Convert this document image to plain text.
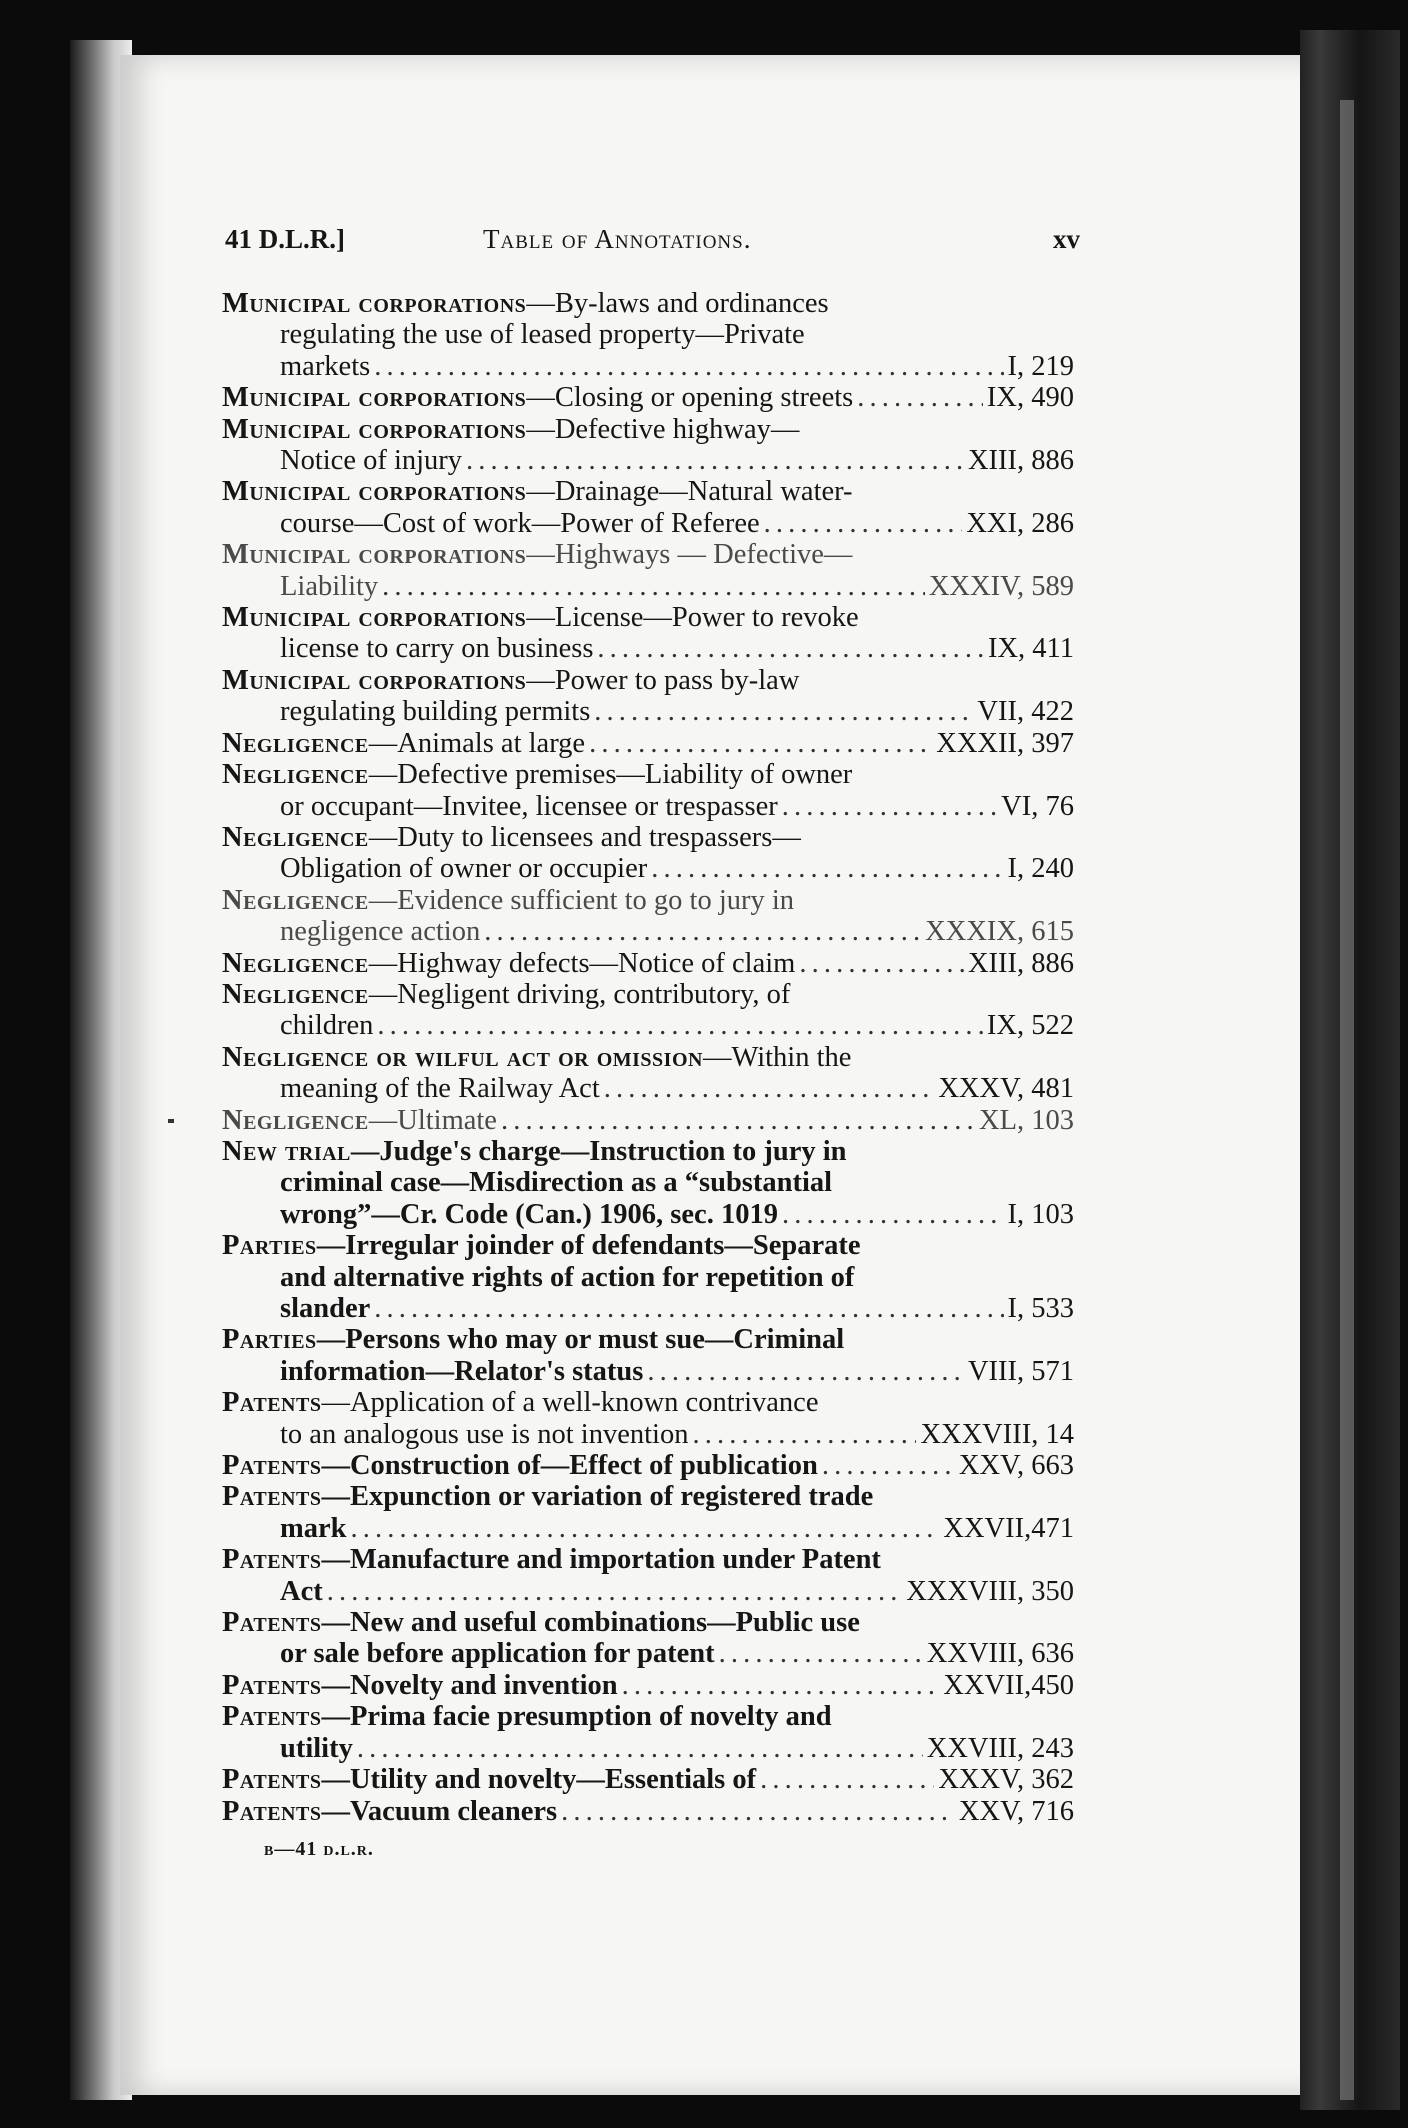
41 D.L.R.]	Table of Annotations.	xv
Municipal corporations —By-laws and ordinances
regulating the use of leased property—Private
markets . . .	I, 219
Municipal corporations —Closing or opening streets . . .	IX, 490
Municipal corporations —Defective highway—
Notice of injury . . .	XIII, 886
Municipal corporations —Drainage—Natural water-
course—Cost of work—Power of Referee . . .	XXI, 286
Municipal corporations —Highways — Defective—
Liability . . .	XXXIV, 589
Municipal corporations —License—Power to revoke
license to carry on business . . .	IX, 411
Municipal corporations —Power to pass by-law
regulating building permits . . .	VII, 422
Negligence —Animals at large . . .	XXXII, 397
Negligence —Defective premises—Liability of owner
or occupant—Invitee, licensee or trespasser . . .	VI, 76
Negligence —Duty to licensees and trespassers—
Obligation of owner or occupier . . .	I, 240
Negligence —Evidence sufficient to go to jury in
negligence action . . .	XXXIX, 615
Negligence —Highway defects—Notice of claim . . .	XIII, 886
Negligence —Negligent driving, contributory, of
children . . .	IX, 522
Negligence or wilful act or omission —Within the
meaning of the Railway Act . . .	XXXV, 481
Negligence —Ultimate . . .	XL, 103
New trial —Judge's charge—Instruction to jury in
criminal case—Misdirection as a “substantial
wrong”—Cr. Code (Can.) 1906, sec. 1019 . . .	I, 103
Parties —Irregular joinder of defendants—Separate
and alternative rights of action for repetition of
slander . . .	I, 533
Parties —Persons who may or must sue—Criminal
information—Relator's status . . .	VIII, 571
Patents —Application of a well-known contrivance
to an analogous use is not invention . . .	XXXVIII, 14
Patents —Construction of—Effect of publication . . .	XXV, 663
Patents —Expunction or variation of registered trade
mark . . .	XXVII,471
Patents —Manufacture and importation under Patent
Act . . .	XXXVIII, 350
Patents —New and useful combinations—Public use
or sale before application for patent . . .	XXVIII, 636
Patents —Novelty and invention . . .	XXVII,450
Patents —Prima facie presumption of novelty and
utility . . .	XXVIII, 243
Patents —Utility and novelty—Essentials of . . .	XXXV, 362
Patents —Vacuum cleaners . . .	XXV, 716
b—41 d.l.r.
